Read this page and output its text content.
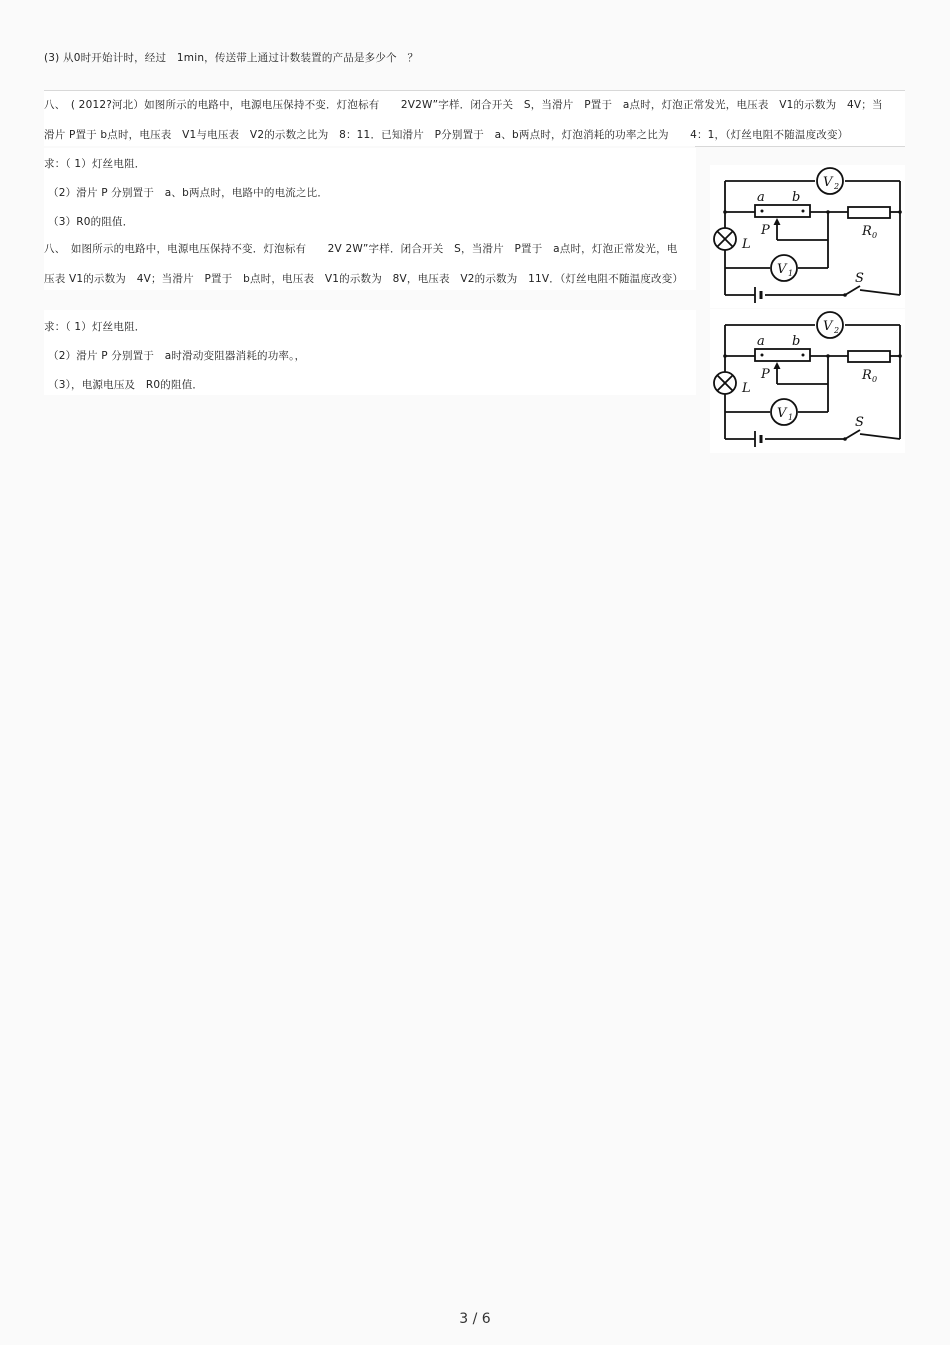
(3) 从0时开始计时，经过　1min，传送带上通过计数装置的产品是多少个　？
八、　( 2012?河北）如图所示的电路中，电源电压保持不变．灯泡标有　　2V2W”字样．闭合开关　S，当滑片　P置于　a点时，灯泡正常发光，电压表　V1的示数为　4V；当
滑片 P置于 b点时，电压表　V1与电压表　V2的示数之比为　8：11．已知滑片　P分别置于　a、b两点时，灯泡消耗的功率之比为　　4：1，（灯丝电阻不随温度改变）
求：（ 1）灯丝电阻．
（2）滑片 P 分别置于　a、b两点时，电路中的电流之比．
（3）R0的阻值．
八、　如图所示的电路中，电源电压保持不变．灯泡标有　　2V 2W”字样．闭合开关　S，当滑片　P置于　a点时，灯泡正常发光，电
压表 V1的示数为　4V；当滑片　P置于　b点时，电压表　V1的示数为　8V，电压表　V2的示数为　11V．（灯丝电阻不随温度改变）
求：（ 1）灯丝电阻．
（2）滑片 P 分别置于　a时滑动变阻器消耗的功率。，
（3），电源电压及　R0的阻值．
a b
P
V 2
R 0
L
V 1	S
a b
P
V 2
R 0
L
V 1	S
3 / 6
